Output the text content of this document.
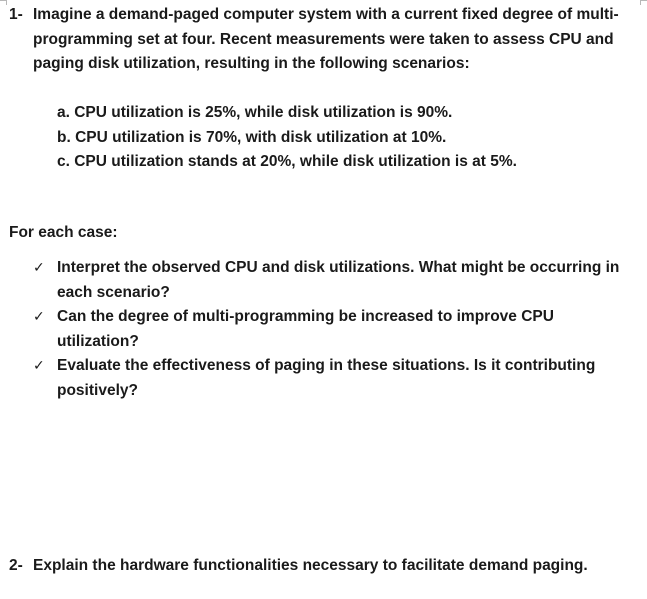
1- Imagine a demand-paged computer system with a current fixed degree of multi-programming set at four. Recent measurements were taken to assess CPU and paging disk utilization, resulting in the following scenarios:
a. CPU utilization is 25%, while disk utilization is 90%.
b. CPU utilization is 70%, with disk utilization at 10%.
c. CPU utilization stands at 20%, while disk utilization is at 5%.
For each case:
✓ Interpret the observed CPU and disk utilizations. What might be occurring in each scenario?
✓ Can the degree of multi-programming be increased to improve CPU utilization?
✓ Evaluate the effectiveness of paging in these situations. Is it contributing positively?
2- Explain the hardware functionalities necessary to facilitate demand paging.
